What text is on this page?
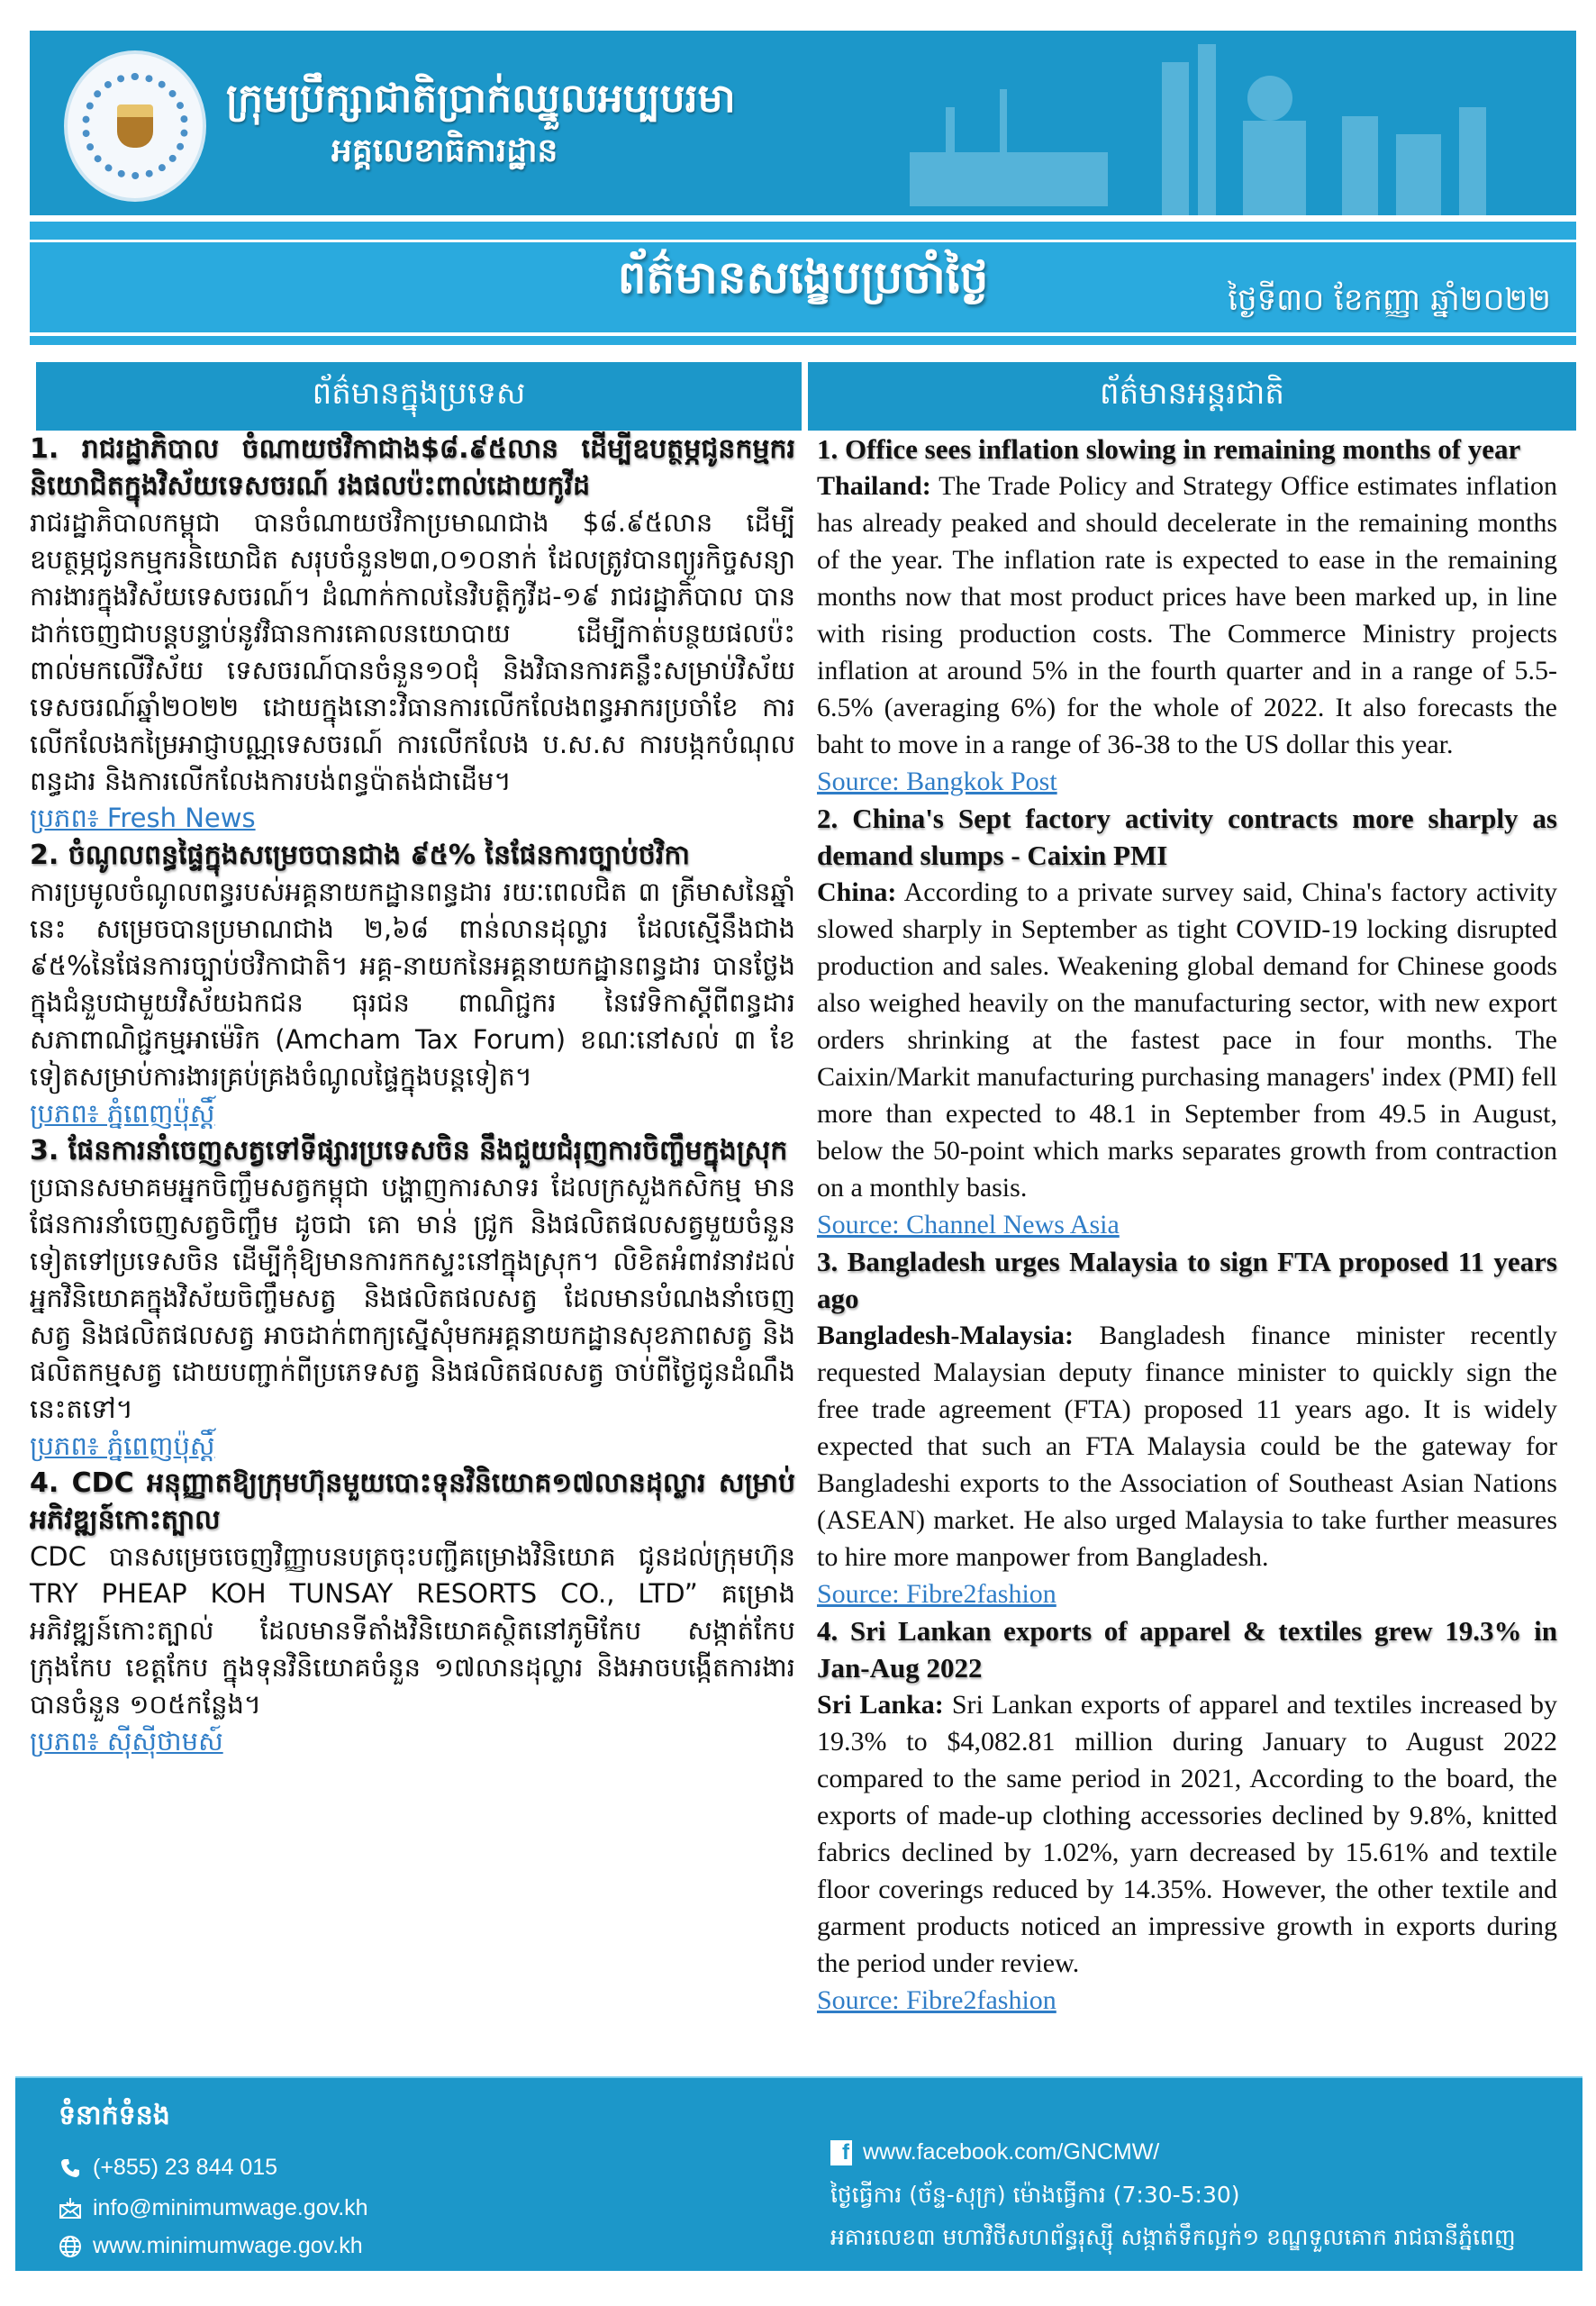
ក្រុមប្រឹក្សាជាតិប្រាក់ឈ្នួលអប្បបរមា
អគ្គលេខាធិការដ្ឋាន
ព័ត៌មានសង្ខេបប្រចាំថ្ងៃ	ថ្ងៃទី៣០ ខែកញ្ញា ឆ្នាំ២០២២
ព័ត៌មានក្នុងប្រទេស	ព័ត៌មានអន្តរជាតិ
1. រាជរដ្ឋាភិបាល ចំណាយថវិកាជាង$៨.៩៥លាន ដើម្បីឧបត្ថម្ភជូនកម្មករនិយោជិតក្នុងវិស័យទេសចរណ៍ រងផលប៉ះពាល់ដោយកូវីដ
រាជរដ្ឋាភិបាលកម្ពុជា បានចំណាយថវិកាប្រមាណជាង $៨.៩៥លាន ដើម្បីឧបត្ថម្ភជូនកម្មករនិយោជិត សរុបចំនួន២៣,០១០នាក់ ដែលត្រូវបានព្យួរកិច្ចសន្យាការងារក្នុងវិស័យទេសចរណ៍។ ដំណាក់កាលនៃវិបត្តិកូវីដ-១៩ រាជរដ្ឋាភិបាល បានដាក់ចេញជាបន្តបន្ទាប់នូវវិធានការគោលនយោបាយ ដើម្បីកាត់បន្ថយផលប៉ះពាល់មកលើវិស័យ ទេសចរណ៍បានចំនួន១០ជុំ និងវិធានការគន្លឹះសម្រាប់វិស័យទេសចរណ៍ឆ្នាំ២០២២ ដោយក្នុងនោះវិធានការលើកលែងពន្ធអាករប្រចាំខែ ការលើកលែងកម្រៃអាជ្ញាបណ្ណទេសចរណ៍ ការលើកលែង ប.ស.ស ការបង្កកបំណុលពន្ធដារ និងការលើកលែងការបង់ពន្ធប៉ាតង់ជាដើម។
ប្រភព៖ Fresh News
2. ចំណូលពន្ធផ្ទៃក្នុងសម្រេចបានជាង ៩៥% នៃផែនការច្បាប់ថវិកា
ការប្រមូលចំណូលពន្ធរបស់អគ្គនាយកដ្ឋានពន្ធដារ រយៈពេលជិត ៣ ត្រីមាសនៃឆ្នាំនេះ សម្រេចបានប្រមាណជាង ២,៦៨ ពាន់លានដុល្លារ ដែលស្មើនឹងជាង ៩៥%នៃផែនការច្បាប់ថវិកាជាតិ។ អគ្គ-នាយកនៃអគ្គនាយកដ្ឋានពន្ធដារ បានថ្លែងក្នុងជំនួបជាមួយវិស័យឯកជន ធុរជន ពាណិជ្ជករ នៃវេទិកាស្តីពីពន្ធដារសភាពាណិជ្ជកម្មអាម៉េរិក (Amcham Tax Forum) ខណៈនៅសល់ ៣ ខែទៀតសម្រាប់ការងារគ្រប់គ្រងចំណូលផ្ទៃក្នុងបន្តទៀត។
ប្រភព៖ ភ្នំពេញប៉ុស្តិ៍
3. ផែនការនាំចេញសត្វទៅទីផ្សារប្រទេសចិន នឹងជួយជំរុញការចិញ្ចឹមក្នុងស្រុក
ប្រធានសមាគមអ្នកចិញ្ចឹមសត្វកម្ពុជា បង្ហាញការសាទរ ដែលក្រសួងកសិកម្ម មានផែនការនាំចេញសត្វចិញ្ចឹម ដូចជា គោ មាន់ ជ្រូក និងផលិតផលសត្វមួយចំនួនទៀតទៅប្រទេសចិន ដើម្បីកុំឱ្យមានការកកស្ទះនៅក្នុងស្រុក។ លិខិតអំពាវនាវដល់អ្នកវិនិយោគក្នុងវិស័យចិញ្ចឹមសត្វ និងផលិតផលសត្វ ដែលមានបំណងនាំចេញសត្វ និងផលិតផលសត្វ អាចដាក់ពាក្យស្នើសុំមកអគ្គនាយកដ្ឋានសុខភាពសត្វ និងផលិតកម្មសត្វ ដោយបញ្ជាក់ពីប្រភេទសត្វ និងផលិតផលសត្វ ចាប់ពីថ្ងៃជូនដំណឹងនេះតទៅ។
ប្រភព៖ ភ្នំពេញប៉ុស្តិ៍
4. CDC អនុញ្ញាតឱ្យក្រុមហ៊ុនមួយបោះទុនវិនិយោគ១៧លានដុល្លារ សម្រាប់អភិវឌ្ឍន៍កោះត្បាល
CDC បានសម្រេចចេញវិញ្ញាបនបត្រចុះបញ្ជីគម្រោងវិនិយោគ ជូនដល់ក្រុមហ៊ុន TRY PHEAP KOH TUNSAY RESORTS CO., LTD” គម្រោងអភិវឌ្ឍន៍កោះត្បាល់ ដែលមានទីតាំងវិនិយោគស្ថិតនៅភូមិកែប សង្កាត់កែប ក្រុងកែប ខេត្តកែប ក្នុងទុនវិនិយោគចំនួន ១៧លានដុល្លារ និងអាចបង្កើតការងារបានចំនួន ១០៥កន្លែង។
ប្រភព៖ ស៊ីស៊ីថាមស៍
1. Office sees inflation slowing in remaining months of year
Thailand: The Trade Policy and Strategy Office estimates inflation has already peaked and should decelerate in the remaining months of the year. The inflation rate is expected to ease in the remaining months now that most product prices have been marked up, in line with rising production costs. The Commerce Ministry projects inflation at around 5% in the fourth quarter and in a range of 5.5-6.5% (averaging 6%) for the whole of 2022. It also forecasts the baht to move in a range of 36-38 to the US dollar this year.
Source: Bangkok Post
2. China's Sept factory activity contracts more sharply as demand slumps - Caixin PMI
China: According to a private survey said, China's factory activity slowed sharply in September as tight COVID-19 locking disrupted production and sales. Weakening global demand for Chinese goods also weighed heavily on the manufacturing sector, with new export orders shrinking at the fastest pace in four months. The Caixin/Markit manufacturing purchasing managers' index (PMI) fell more than expected to 48.1 in September from 49.5 in August, below the 50-point which marks separates growth from contraction on a monthly basis.
Source: Channel News Asia
3. Bangladesh urges Malaysia to sign FTA proposed 11 years ago
Bangladesh-Malaysia: Bangladesh finance minister recently requested Malaysian deputy finance minister to quickly sign the free trade agreement (FTA) proposed 11 years ago. It is widely expected that such an FTA Malaysia could be the gateway for Bangladeshi exports to the Association of Southeast Asian Nations (ASEAN) market. He also urged Malaysia to take further measures to hire more manpower from Bangladesh.
Source: Fibre2fashion
4. Sri Lankan exports of apparel & textiles grew 19.3% in Jan-Aug 2022
Sri Lanka: Sri Lankan exports of apparel and textiles increased by 19.3% to $4,082.81 million during January to August 2022 compared to the same period in 2021, According to the board, the exports of made-up clothing accessories declined by 9.8%, knitted fabrics declined by 1.02%, yarn decreased by 15.61% and textile floor coverings reduced by 14.35%. However, the other textile and garment products noticed an impressive growth in exports during the period under review.
Source: Fibre2fashion
ទំនាក់ទំនង
(+855) 23 844 015
info@minimumwage.gov.kh
www.minimumwage.gov.kh
f www.facebook.com/GNCMW/
ថ្ងៃធ្វើការ (ច័ន្ទ-សុក្រ) ម៉ោងធ្វើការ (7:30-5:30)
អគារលេខ៣ មហាវិថីសហព័ន្ធរុស្ស៊ី សង្កាត់ទឹកល្អក់១ ខណ្ឌទួលគោក រាជធានីភ្នំពេញ
